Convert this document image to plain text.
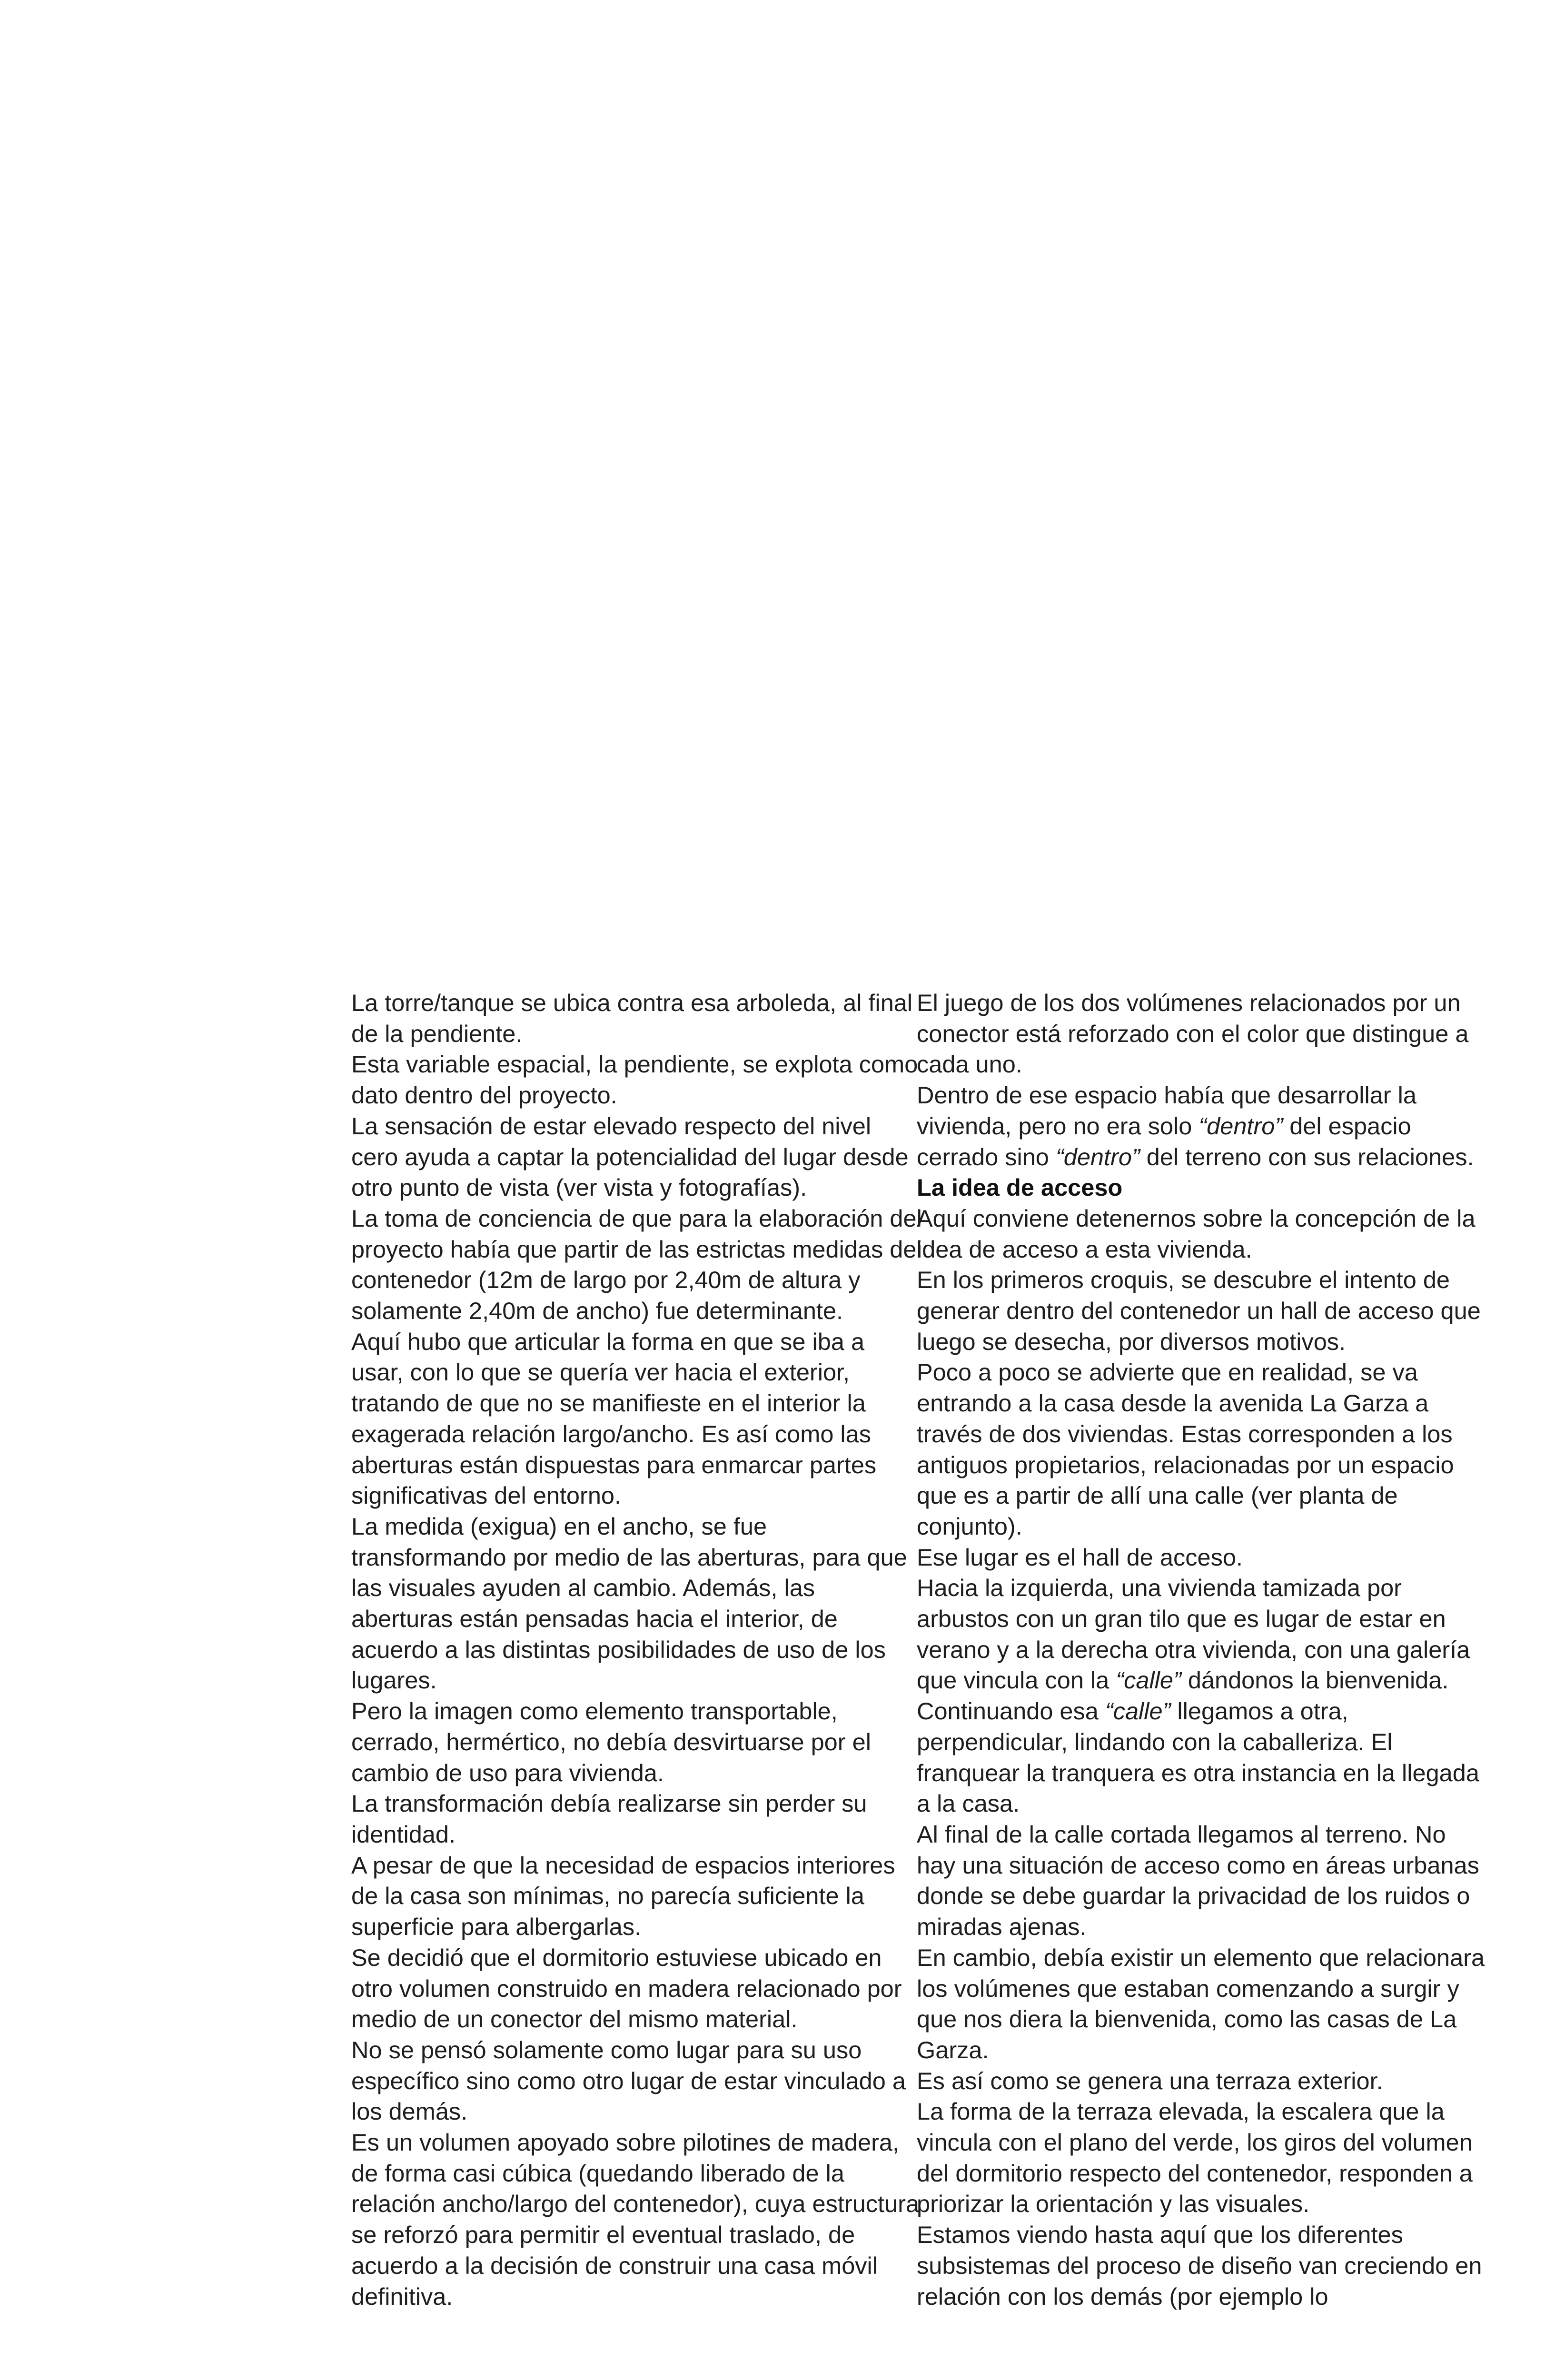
La torre/tanque se ubica contra esa arboleda, al final de la pendiente.

Esta variable espacial, la pendiente, se explota como dato dentro del proyecto.

La sensación de estar elevado respecto del nivel cero ayuda a captar la potencialidad del lugar desde otro punto de vista (ver vista y fotografías).

La toma de conciencia de que para la elaboración del proyecto había que partir de las estrictas medidas del contenedor (12m de largo por 2,40m de altura y solamente 2,40m de ancho) fue determinante.

Aquí hubo que articular la forma en que se iba a usar, con lo que se quería ver hacia el exterior, tratando de que no se manifieste en el interior la exagerada relación largo/ancho. Es así como las aberturas están dispuestas para enmarcar partes significativas del entorno.

La medida (exigua) en el ancho, se fue transformando por medio de las aberturas, para que las visuales ayuden al cambio. Además, las aberturas están pensadas hacia el interior, de acuerdo a las distintas posibilidades de uso de los lugares.

Pero la imagen como elemento transportable, cerrado, hermértico, no debía desvirtuarse por el cambio de uso para vivienda.

La transformación debía realizarse sin perder su identidad.

A pesar de que la necesidad de espacios interiores de la casa son mínimas, no parecía suficiente la superficie para albergarlas.

Se decidió que el dormitorio estuviese ubicado en otro volumen construido en madera relacionado por medio de un conector del mismo material.

No se pensó solamente como lugar para su uso específico sino como otro lugar de estar vinculado a los demás.

Es un volumen apoyado sobre pilotines de madera, de forma casi cúbica (quedando liberado de la relación ancho/largo del contenedor), cuya estructura se reforzó para permitir el eventual traslado, de acuerdo a la decisión de construir una casa móvil definitiva.

El juego de los dos volúmenes relacionados por un conector está reforzado con el color que distingue a cada uno.

Dentro de ese espacio había que desarrollar la vivienda, pero no era solo “dentro” del espacio cerrado sino “dentro” del terreno con sus relaciones.

La idea de acceso

Aquí conviene detenernos sobre la concepción de la idea de acceso a esta vivienda.

En los primeros croquis, se descubre el intento de generar dentro del contenedor un hall de acceso que luego se desecha, por diversos motivos.

Poco a poco se advierte que en realidad, se va entrando a la casa desde la avenida La Garza a través de dos viviendas. Estas corresponden a los antiguos propietarios, relacionadas por un espacio que es a partir de allí una calle (ver planta de conjunto).

Ese lugar es el hall de acceso.

Hacia la izquierda, una vivienda tamizada por arbustos con un gran tilo que es lugar de estar en verano y a la derecha otra vivienda, con una galería que vincula con la “calle” dándonos la bienvenida.

Continuando esa “calle” llegamos a otra, perpendicular, lindando con la caballeriza. El franquear la tranquera es otra instancia en la llegada a la casa.

Al final de la calle cortada llegamos al terreno. No hay una situación de acceso como en áreas urbanas donde se debe guardar la privacidad de los ruidos o miradas ajenas.

En cambio, debía existir un elemento que relacionara los volúmenes que estaban comenzando a surgir y que nos diera la bienvenida, como las casas de La Garza.

Es así como se genera una terraza exterior.

La forma de la terraza elevada, la escalera que la vincula con el plano del verde, los giros del volumen del dormitorio respecto del contenedor, responden a priorizar la orientación y las visuales.

Estamos viendo hasta aquí que los diferentes subsistemas del proceso de diseño van creciendo en relación con los demás (por ejemplo lo
